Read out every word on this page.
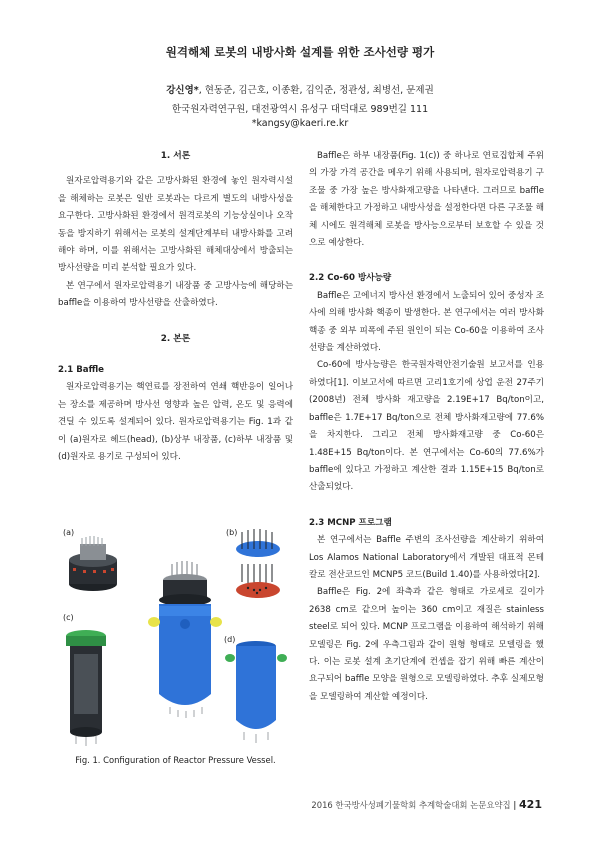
원격해체 로봇의 내방사화 설계를 위한 조사선량 평가
강신영*, 현동준, 김근호, 이종환, 김익준, 정관성, 최병선, 문제권
한국원자력연구원, 대전광역시 유성구 대덕대로 989번길 111
*kangsy@kaeri.re.kr

1. 서론

원자로압력용기와 같은 고방사화된 환경에 놓인 원자력시설을 해체하는 로봇은 일반 로봇과는 다르게 별도의 내방사성을 요구한다. 고방사화된 환경에서 원격로봇의 기능상실이나 오작동을 방지하기 위해서는 로봇의 설계단계부터 내방사화를 고려해야 하며, 이를 위해서는 고방사화된 해체대상에서 방출되는 방사선량을 미리 분석할 필요가 있다.

본 연구에서 원자로압력용기 내장품 중 고방사능에 해당하는 baffle을 이용하여 방사선량을 산출하였다.

2. 본론

2.1 Baffle

원자로압력용기는 핵연료를 장전하여 연쇄 핵반응이 일어나는 장소를 제공하며 방사선 영향과 높은 압력, 온도 및 응력에 견딜 수 있도록 설계되어 있다. 원자로압력용기는 Fig. 1과 같이 (a)원자로 헤드(head), (b)상부 내장품, (c)하부 내장품 및 (d)원자로 용기로 구성되어 있다.

(a)	(b)
(c)
(d)
Fig. 1. Configuration of Reactor Pressure Vessel.

Baffle은 하부 내장품(Fig. 1(c)) 중 하나로 연료집합체 주위의 가장 가격 공간을 메우기 위해 사용되며, 원자로압력용기 구조물 중 가장 높은 방사화재고량을 나타낸다. 그러므로 baffle을 해체한다고 가정하고 내방사성을 설정한다면 다른 구조물 해체 시에도 원격해체 로봇을 방사능으로부터 보호할 수 있을 것으로 예상한다.

2.2 Co-60 방사능량

Baffle은 고에너지 방사선 환경에서 노출되어 있어 중성자 조사에 의해 방사화 핵종이 발생한다. 본 연구에서는 여러 방사화 핵종 중 외부 피폭에 주된 원인이 되는 Co-60을 이용하여 조사선량을 계산하였다.

Co-60에 방사능량은 한국원자력안전기술원 보고서를 인용하였다[1]. 이보고서에 따르면 고리1호기에 상업 운전 27주기(2008년) 전체 방사화 재고량을 2.19E+17 Bq/ton이고, baffle은 1.7E+17 Bq/ton으로 전체 방사화재고량에 77.6%을 차지한다. 그리고 전체 방사화재고량 중 Co-60은 1.48E+15 Bq/ton이다. 본 연구에서는 Co-60의 77.6%가 baffle에 있다고 가정하고 계산한 결과 1.15E+15 Bq/ton로 산출되었다.

2.3 MCNP 프로그램

본 연구에서는 Baffle 주변의 조사선량을 계산하기 위하여 Los Alamos National Laboratory에서 개발된 대표적 몬테칼로 전산코드인 MCNP5 코드(Build 1.40)를 사용하였다[2].

Baffle은 Fig. 2에 좌측과 같은 형태로 가로세로 길이가 2638 cm로 같으며 높이는 360 cm이고 재질은 stainless steel로 되어 있다. MCNP 프로그램을 이용하여 해석하기 위해 모델링은 Fig. 2에 우측그림과 같이 원형 형태로 모델링을 했다. 이는 로봇 설계 초기단계에 컨셉을 잡기 위해 빠른 계산이 요구되어 baffle 모양을 원형으로 모델링하였다. 추후 실제모형을 모델링하여 계산할 예정이다.

2016 한국방사성폐기물학회 추계학술대회 논문요약집 | 421
